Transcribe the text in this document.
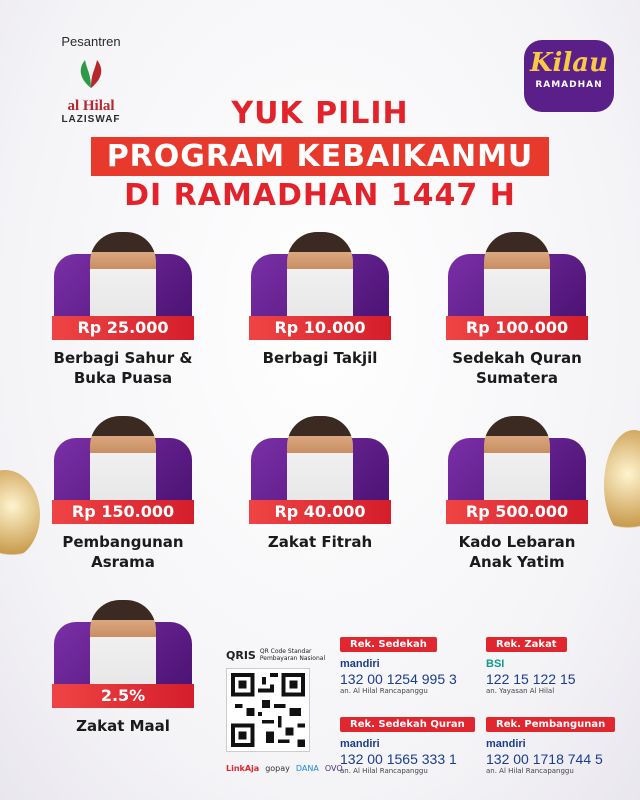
Pesantren
al Hilal
LAZISWAF
Kilau
RAMADHAN
YUK PILIH
PROGRAM KEBAIKANMU
DI RAMADHAN 1447 H
Rp 25.000
Berbagi Sahur &
Buka Puasa
Rp 10.000
Berbagi Takjil
Rp 100.000
Sedekah Quran
Sumatera
Rp 150.000
Pembangunan
Asrama
Rp 40.000
Zakat Fitrah
Rp 500.000
Kado Lebaran
Anak Yatim
2.5%
Zakat Maal
QRIS QR Code Standar Pembayaran Nasional
LinkAja gopay DANA OVO
Rek. Sedekah
mandiri
132 00 1254 995 3
an. Al Hilal Rancapanggu
Rek. Zakat
BSI
122 15 122 15
an. Yayasan Al Hilal
Rek. Sedekah Quran
mandiri
132 00 1565 333 1
an. Al Hilal Rancapanggu
Rek. Pembangunan
mandiri
132 00 1718 744 5
an. Al Hilal Rancapanggu
